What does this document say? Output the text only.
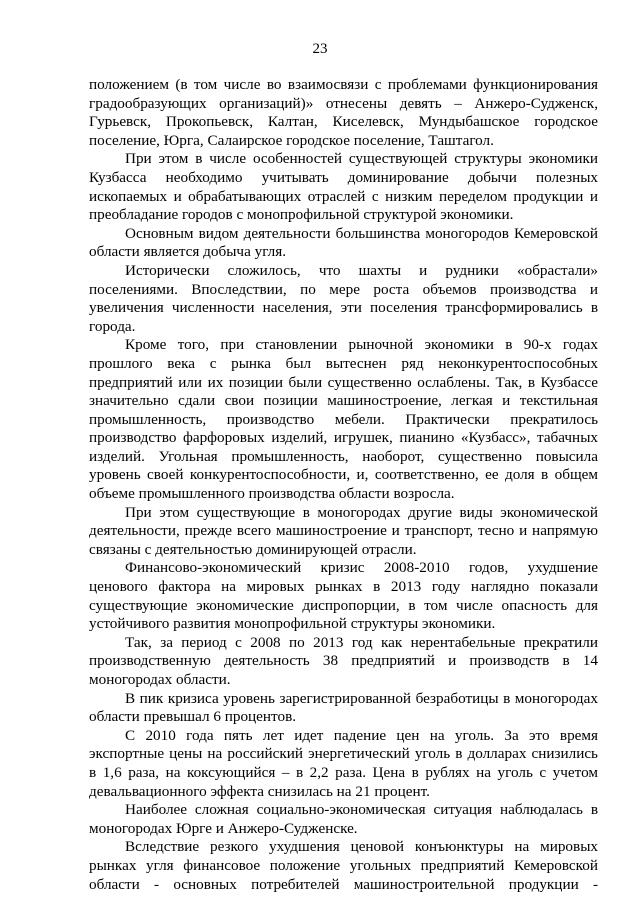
23

положением (в том числе во взаимосвязи с проблемами функционирования градообразующих организаций)» отнесены девять – Анжеро-Судженск, Гурьевск, Прокопьевск, Калтан, Киселевск, Мундыбашское городское поселение, Юрга, Салаирское городское поселение, Таштагол.

При этом в числе особенностей существующей структуры экономики Кузбасса необходимо учитывать доминирование добычи полезных ископаемых и обрабатывающих отраслей с низким переделом продукции и преобладание городов с монопрофильной структурой экономики.

Основным видом деятельности большинства моногородов Кемеровской области является добыча угля.

Исторически сложилось, что шахты и рудники «обрастали» поселениями. Впоследствии, по мере роста объемов производства и увеличения численности населения, эти поселения трансформировались в города.

Кроме того, при становлении рыночной экономики в 90-х годах прошлого века с рынка был вытеснен ряд неконкурентоспособных предприятий или их позиции были существенно ослаблены. Так, в Кузбассе значительно сдали свои позиции машиностроение, легкая и текстильная промышленность, производство мебели. Практически прекратилось производство фарфоровых изделий, игрушек, пианино «Кузбасс», табачных изделий. Угольная промышленность, наоборот, существенно повысила уровень своей конкурентоспособности, и, соответственно, ее доля в общем объеме промышленного производства области возросла.

При этом существующие в моногородах другие виды экономической деятельности, прежде всего машиностроение и транспорт, тесно и напрямую связаны с деятельностью доминирующей отрасли.

Финансово-экономический кризис 2008-2010 годов, ухудшение ценового фактора на мировых рынках в 2013 году наглядно показали существующие экономические диспропорции, в том числе опасность для устойчивого развития монопрофильной структуры экономики.

Так, за период с 2008 по 2013 год как нерентабельные прекратили производственную деятельность 38 предприятий и производств в 14 моногородах области.

В пик кризиса уровень зарегистрированной безработицы в моногородах области превышал 6 процентов.

С 2010 года пять лет идет падение цен на уголь. За это время экспортные цены на российский энергетический уголь в долларах снизились в 1,6 раза, на коксующийся – в 2,2 раза. Цена в рублях на уголь с учетом девальвационного эффекта снизилась на 21 процент.

Наиболее сложная социально-экономическая ситуация наблюдалась в моногородах Юрге и Анжеро-Судженске.

Вследствие резкого ухудшения ценовой конъюнктуры на мировых рынках угля финансовое положение угольных предприятий Кемеровской области - основных потребителей машиностроительной продукции -
